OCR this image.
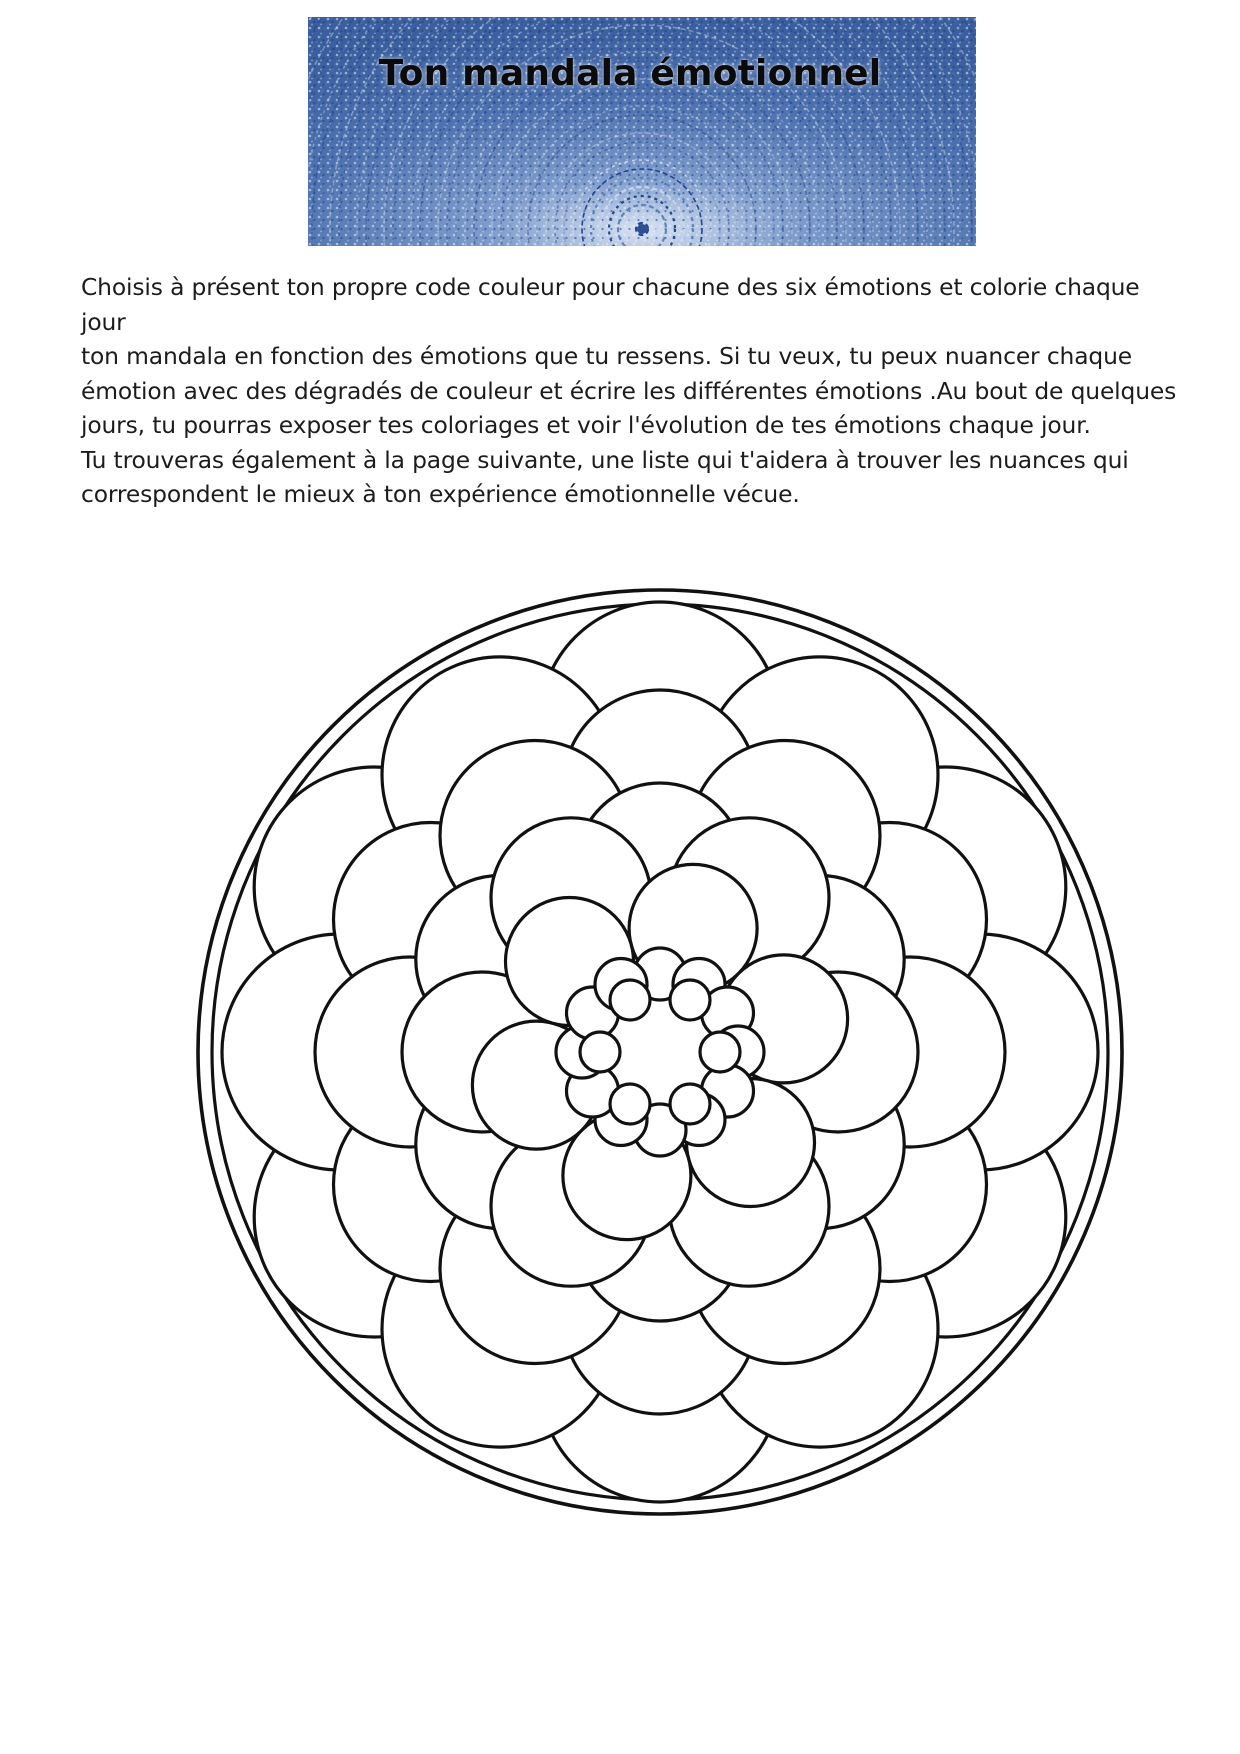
Ton mandala émotionnel

Choisis à présent ton propre code couleur pour chacune des six émotions et colorie chaque jour
ton mandala en fonction des émotions que tu ressens. Si tu veux, tu peux nuancer chaque
émotion avec des dégradés de couleur et écrire les différentes émotions .Au bout de quelques
jours, tu pourras exposer tes coloriages et voir l'évolution de tes émotions chaque jour.

Tu trouveras également à la page suivante, une liste qui t'aidera à trouver les nuances qui
correspondent le mieux à ton expérience émotionnelle vécue.
